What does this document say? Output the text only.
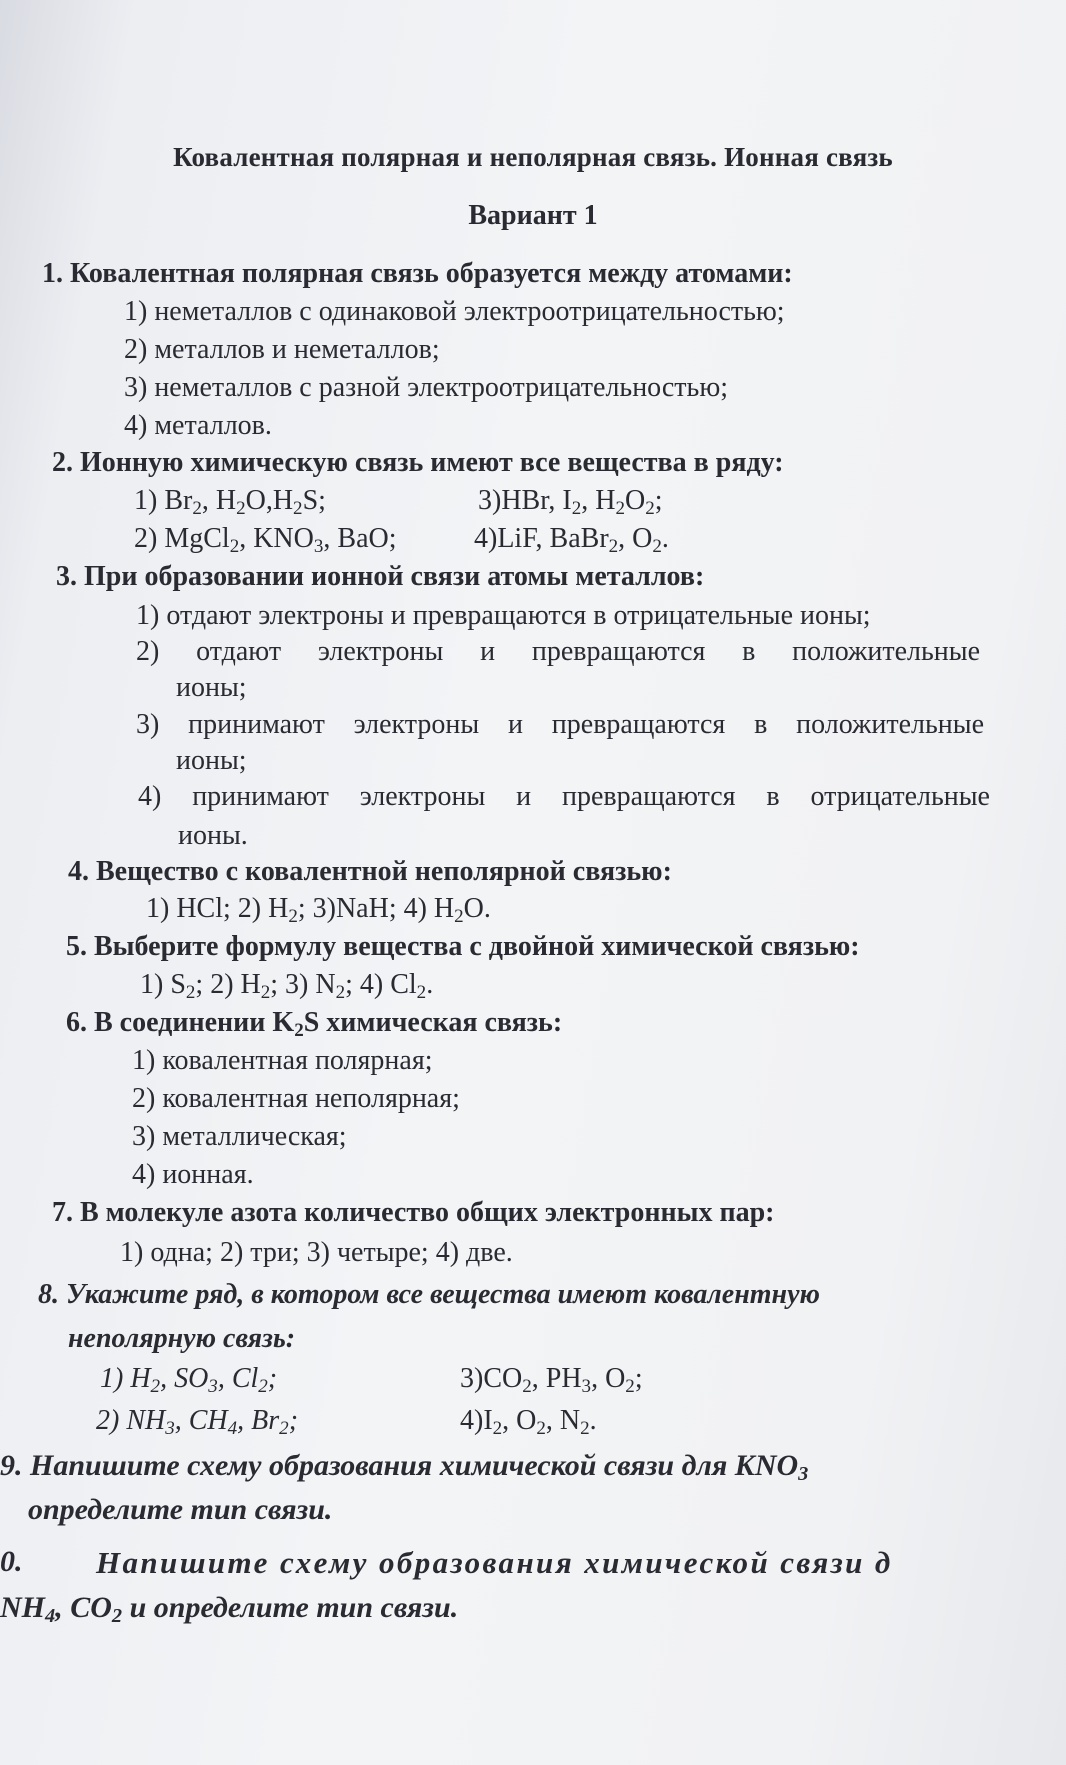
Ковалентная полярная и неполярная связь. Ионная связь
Вариант 1
1. Ковалентная полярная связь образуется между атомами:
1) неметаллов с одинаковой электроотрицательностью;
2) металлов и неметаллов;
3) неметаллов с разной электроотрицательностью;
4) металлов.
2. Ионную химическую связь имеют все вещества в ряду:
1) $Br_2$, $H_2O,H_2S$;	3)HBr, $I_2$, $H_2O_2$;
2) MgCl$_2$, $KNO_3$, BaO;	4)LiF, BaBr$_2$, $O_2$.
3. При образовании ионной связи атомы металлов:
1) отдают электроны и превращаются в отрицательные ионы;
2) отдают электроны и превращаются в положительные
ионы;
3) принимают электроны и превращаются в положительные
ионы;
4) принимают электроны и превращаются в отрицательные
ионы.
4. Вещество с ковалентной неполярной связью:
1) HCl; 2) $H_2$; 3)NaH; 4) $H_2O$.
5. Выберите формулу вещества с двойной химической связью:
1) $S_2$; 2) $H_2$; 3) $N_2$; 4) $Cl_2$.
6. В соединении $K_2S$ химическая связь:
1) ковалентная полярная;
2) ковалентная неполярная;
3) металлическая;
4) ионная.
7. В молекуле азота количество общих электронных пар:
1) одна; 2) три; 3) четыре; 4) две.
8. Укажите ряд, в котором все вещества имеют ковалентную
неполярную связь:
1) $H_2$, $SO_3$, $Cl_2$;	$3)CO_2$, $PH_3$, $O_2$;
2) $NH_3$, $CH_4$, $Br_2$;	$4)I_2$, $O_2$, $N_2$.
9. Напишите схему образования химической связи для $KNO_3$
определите тип связи.
0. Напишите схему образования химической связи д
$NH_4$, $CO_2$ и определите тип связи.
